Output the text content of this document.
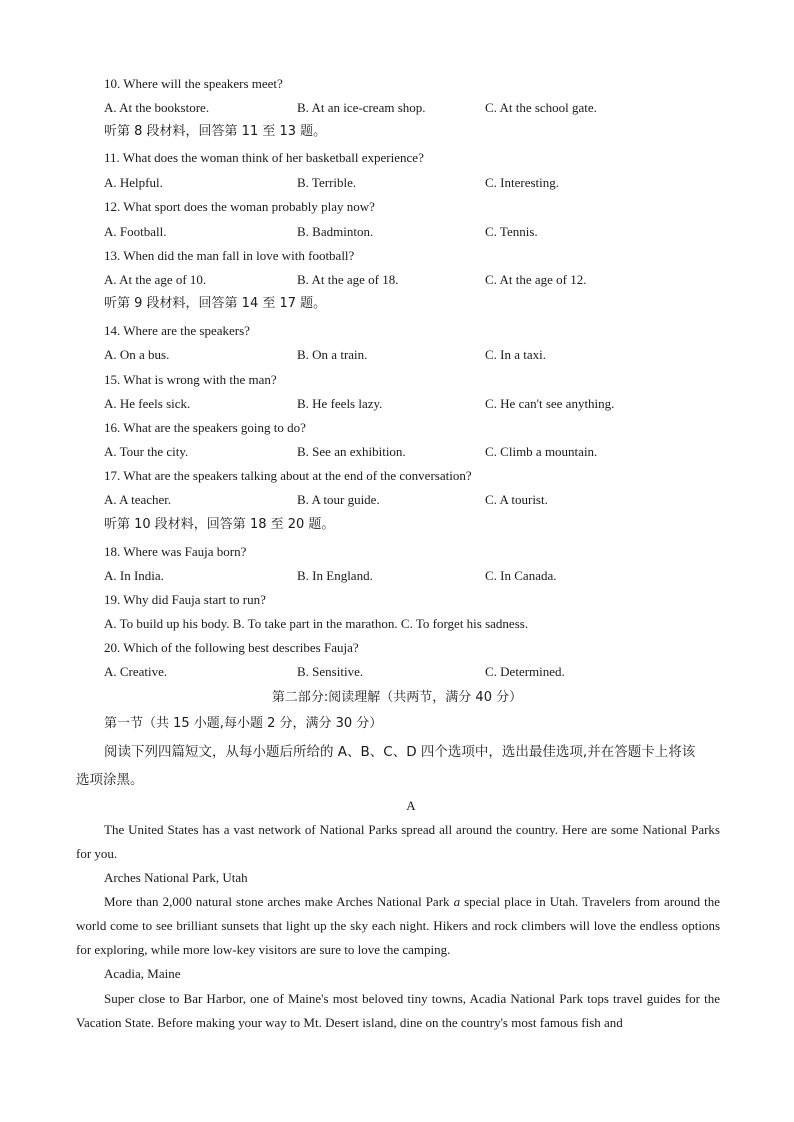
10. Where will the speakers meet?
A. At the bookstore.	B. At an ice-cream shop.	C. At the school gate.
听第 8 段材料，回答第 11 至 13 题。
11. What does the woman think of her basketball experience?
A. Helpful.	B. Terrible.	C. Interesting.
12. What sport does the woman probably play now?
A. Football.	B. Badminton.	C. Tennis.
13. When did the man fall in love with football?
A. At the age of 10.	B. At the age of 18.	C. At the age of 12.
听第 9 段材料，回答第 14 至 17 题。
14. Where are the speakers?
A. On a bus.	B. On a train.	C. In a taxi.
15. What is wrong with the man?
A. He feels sick.	B. He feels lazy.	C. He can't see anything.
16. What are the speakers going to do?
A. Tour the city.	B. See an exhibition.	C. Climb a mountain.
17. What are the speakers talking about at the end of the conversation?
A. A teacher.	B. A tour guide.	C. A tourist.
听第 10 段材料，回答第 18 至 20 题。
18. Where was Fauja born?
A. In India.	B. In England.	C. In Canada.
19. Why did Fauja start to run?
A. To build up his body. B. To take part in the marathon. C. To forget his sadness.
20. Which of the following best describes Fauja?
A. Creative.	B. Sensitive.	C. Determined.
第二部分:阅读理解（共两节，满分 40 分）
第一节（共 15 小题,每小题 2 分，满分 30 分）
阅读下列四篇短文，从每小题后所给的 A、B、C、D 四个选项中，选出最佳选项,并在答题卡上将该
选项涂黑。
A
The United States has a vast network of National Parks spread all around the country. Here are some National Parks for you.
Arches National Park, Utah
More than 2,000 natural stone arches make Arches National Park a special place in Utah. Travelers from around the world come to see brilliant sunsets that light up the sky each night. Hikers and rock climbers will love the endless options for exploring, while more low-key visitors are sure to love the camping.
Acadia, Maine
Super close to Bar Harbor, one of Maine's most beloved tiny towns, Acadia National Park tops travel guides for the Vacation State. Before making your way to Mt. Desert island, dine on the country's most famous fish and
